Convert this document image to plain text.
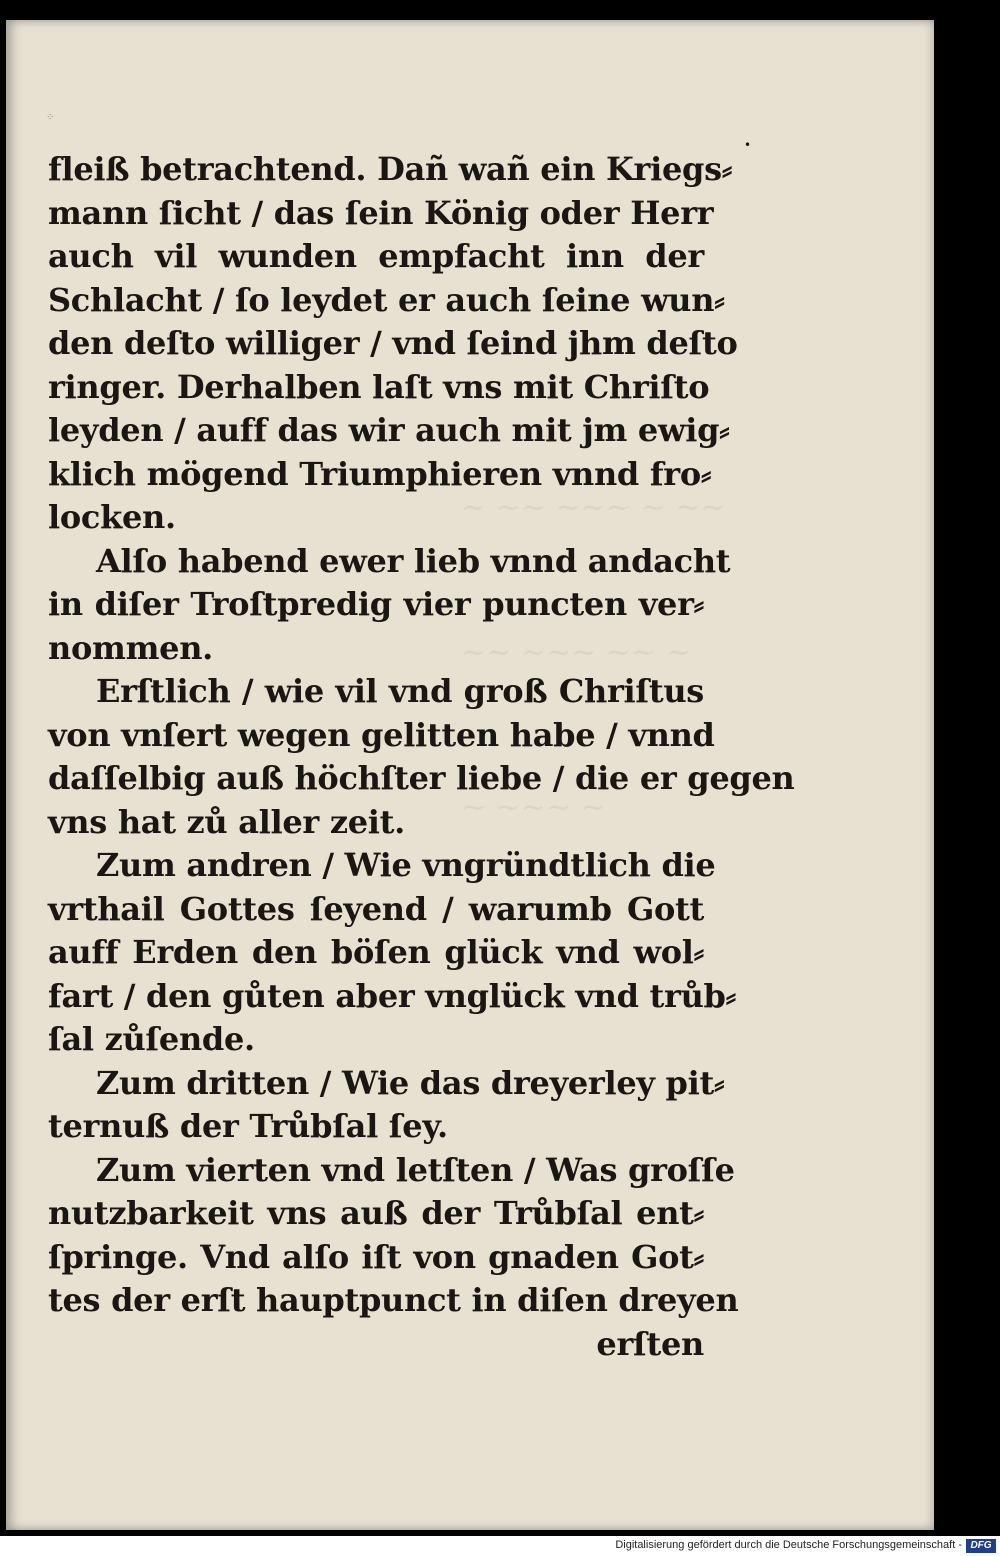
~ ~~ ~~~ ~ ~~
~~ ~~~ ~~ ~
~ ~~~ ~
⁘
•
fleiß betrachtend. Dañ wañ ein Kriegs⸗
mann ſicht / das ſein König oder Herr
auch vil wunden empfacht inn der
Schlacht / ſo leydet er auch ſeine wun⸗
den deſto williger / vnd ſeind jhm deſto
ringer. Derhalben laſt vns mit Chriſto
leyden / auff das wir auch mit jm ewig⸗
klich mögend Triumphieren vnnd fro⸗
locken.
Alſo habend ewer lieb vnnd andacht
in diſer Troſtpredig vier puncten ver⸗
nommen.
Erſtlich / wie vil vnd groß Chriſtus
von vnſert wegen gelitten habe / vnnd
daſſelbig auß höchſter liebe / die er gegen
vns hat zů aller zeit.
Zum andren / Wie vngründtlich die
vrthail Gottes ſeyend / warumb Gott
auff Erden den böſen glück vnd wol⸗
fart / den gůten aber vnglück vnd trůb⸗
ſal zůſende.
Zum dritten / Wie das dreyerley pit⸗
ternuß der Trůbſal ſey.
Zum vierten vnd letſten / Was groſſe
nutzbarkeit vns auß der Trůbſal ent⸗
ſpringe. Vnd alſo iſt von gnaden Got⸗
tes der erſt hauptpunct in diſen dreyen
erſten
Digitalisierung gefördert durch die Deutsche Forschungsgemeinschaft - DFG
